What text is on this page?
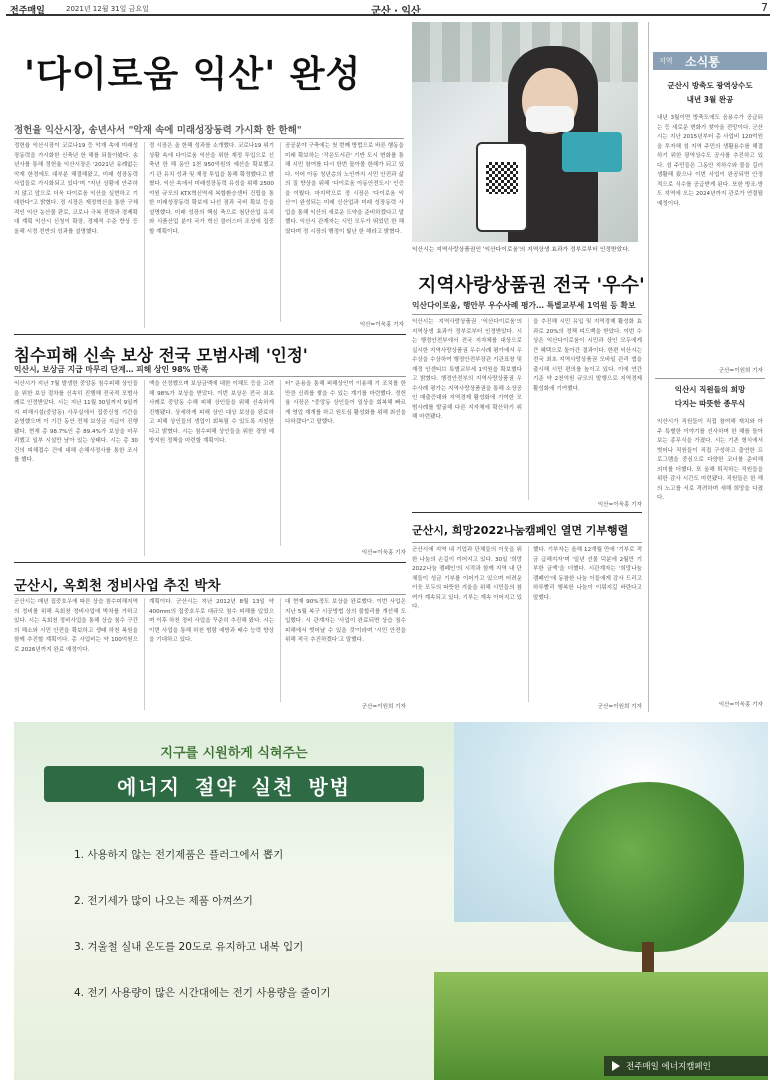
전주매일	2021년 12월 31일 금요일	군산 · 익산	7
'다이로움 익산' 완성
정헌율 익산시장, 송년사서 "악재 속에 미래성장동력 가시화 한 한해"
정헌율 익산시장이 코로나19 등 악재 속에 미래성장동력을 가시화한 신축년 한 해를 되돌아봤다. 송년사를 통해 정헌율 익산시장은 '2021년 유례없는 악재 한경에도 대부분 해결해왔고, 미래 성장동력 사업들로 가시화되고 있다'며 "지난 상황에 안주하지 않고 앞으로 더욱 다이로움 익산을 실현하고 기대한다"고 밝혔다. 정 시장은 재정혁신을 통한 구체적인 익산 농산물 판로, 코로나 극복 전략과 경제확대 계획 익산시 신청이 확장, 경제적 수준 향상 등 올해 시정 전반의 성과를 설명했다.
정 시장은 올 한해 성과를 소개했다. 코로나19 위기 상황 속에 다이로움 익산을 위한 재정 투입으로 신축년 한 해 동안 1천 950억원의 예산을 확보했고 기 관 유치 성과 및 재정 투입을 통해 확정했다고 밝혔다. 익산 속에서 미래성장동력 유성을 위해 2500억원 규모의 KTX혁신역세 복합환승센터 건립을 통한 미래성장동력 확보에 나선 점과 국비 확보 등을 설명했다. 미래 성장의 핵심 축으로 첨단산업 유치와 식품산업 분야 국가 혁신 클러스터 조성에 집중할 계획이다.
공공분야 구축에는 첫 번째 방법으로 바른 행동을 미래 확보하는 '작은도서관' 기반 도시 변화를 통해 시민 참여를 다시 한번 돌아볼 한해가 되고 있다. 이어 아동 청년층의 노인까지 시민 안전과 삶의 질 향상을 위해 '다이로움 아동안전도시' 인증을 이뤘다. 마지막으로 정 시장은 '다이로움 익산'이 완성되는 미래 신산업과 미래 성장동력 사업을 통해 익산의 새로운 도약을 준비하겠다고 말했다. 익산시 관계자는 시민 모두가 뛰었던 한 해였다며 정 시장의 행정이 빛난 한 해라고 밝혔다.
익산=이욱홍 기자
익산시는 지역사랑상품권인 '익산다이로움'의 지역상생 효과가 정부로부터 인정받았다.
지역사랑상품권 전국 '우수'
익산다이로움, 행안부 우수사례 평가… 특별교부세 1억원 등 확보
익산시는 지역사랑상품권 '익산다이로움'의 지역상생 효과가 정부로부터 인정받았다. 시는 행정안전부에서 전국 지자체를 대상으로 실시한 지역사랑상품권 우수사례 평가에서 우수상을 수상하여 행정안전부장관 기관표창 및 재정 인센티브 특별교부세 1억원을 확보했다고 밝혔다. 행정안전부의 지역사랑상품권 우수사례 평가는 지역사랑상품권을 통해 소상공인 매출증대와 지역경제 활성화에 기여한 모범사례를 발굴해 다른 지자체에 확산하기 위해 마련됐다.
을 추진해 시민 유입 및 지역경제 활성화 효과로 20%의 정책 피드백을 받았다. 이번 수상은 익산다이로움이 시민과 상인 모두에게 큰 혜택으로 돌아간 결과이다. 한편 익산시는 전국 최초 지역사랑상품권 모바일 관리 앱을 출시해 시민 편의를 높이고 있다. 이에 연간 기준 약 2천억원 규모의 발행으로 지역경제 활성화에 기여했다.
익산=이욱홍 기자
침수피해 신속 보상 전국 모범사례 '인정'
익산시, 보상금 지급 마무리 단계… 피해 상인 98% 만족
익산시가 지난 7월 발생한 중앙동 침수피해 상인들을 위한 보상 절차를 신속히 진행해 전국적 모범사례로 인정받았다. 시는 지난 11월 30일까지 9일까지 피해시설(중앙동) 사무실에서 집중신청 기간을 운영했으며 이 기간 동안 전체 보상금 지급이 진행됐다. 현재 총 98.7%인 총 89.4%가 보상을 마무리했고 일부 시설만 남아 있는 상태다. 시는 총 30건의 피해접수 건에 대해 손해사정사를 통한 조사를 했다.
액을 산정했으며 보상금액에 대한 이해도 등을 고려해 98%가 보상을 받았다. 이번 보상은 전국 최초 사례로 중앙동 수해 피해 상인들을 위해 신속하게 진행됐다. 상세하게 피해 상인 대상 보상을 완료하고 피해 상인들의 생업이 회복될 수 있도록 지원한다고 밝혔다. 시는 침수피해 상인들을 위한 경영 예방지원 정책을 마련할 계획이다.
터" 운용을 통해 피해상인이 이용해 기 조치를 한 만큼 신뢰를 쌓을 수 있는 계기를 마련했다. 정헌율 시장은 "중앙동 상인들이 일상을 회복해 빠르게 영업 재개를 하고 원도심 활성화를 위해 최선을 다하겠다"고 말했다.
익산=이욱홍 기자
군산시, 옥회천 정비사업 추진 박차
군산시는 매년 집중호우에 따른 상습 침수피해지역의 정비를 위해 옥회천 정비사업에 박차를 가하고 있다. 시는 옥회천 정비사업을 통해 상습 침수 구간의 해소와 시민 안전을 확보하고 생태 하천 복원을 함께 추진할 계획이다. 총 사업비는 약 100억원으로 2026년까지 완료 예정이다.
계획이다. 군산시는 지난 2012년 8월 13일 약 400mm의 집중호우로 대규모 침수 피해를 입었으며 이후 하천 정비 사업을 꾸준히 추진해 왔다. 시는 이번 사업을 통해 하천 범람 예방과 배수 능력 향상을 기대하고 있다.
대 현재 90%정도 보상을 완료했다. 이번 사업은 지난 5월 복구 시공방법 상의 불합리를 개선해 도입했다. 시 관계자는 '사업이 완료되면 상습 침수 피해에서 벗어날 수 있을 것'이라며 '시민 안전을 위해 적극 추진하겠다'고 말했다.
군산=이원희 기자
군산시, 희망2022나눔캠페인 열면 기부행렬
군산시에 지역 내 기업과 단체들의 이웃을 위한 나눔의 손길이 이어지고 있다. 30일 '희망2022나눔 캠페인'의 시작과 함께 지역 내 단체들이 성금 기부를 이어가고 있으며 어려운 이웃 모두의 따뜻한 겨울을 위해 시민들의 참여가 계속되고 있다. 기부는 계속 이어지고 있다.
했다. 기부자는 올해 12개월 만에 '기부로 적금 급해지자'며 '일년 선물 덕분에 2월만 기부한 금액'을 더했다. 시관계자는 '희망나눔캠페인'에 동참한 나눔 이들에게 감사 드리고 하루빨리 행복한 나눔이 이뤄지길 바란다고 말했다.
군산=이원희 기자
지역 소식통
군산시 방축도 광역상수도
내년 3월 완공
내년 3월이면 방축도에도 음용수가 공급되는 등 새로운 변화가 찾아올 전망이다. 군산시는 지난 2015년부터 총 사업비 120억원을 투자해 섬 지역 주민의 생활용수를 해결하기 위한 광역상수도 공사를 추진하고 있다. 섬 주민들은 그동안 지하수와 물을 길러 생활해 왔으나 이번 사업이 완공되면 안정적으로 식수를 공급받게 된다. 또한 방조·방도 지역에 오는 2024년까지 관로가 연결될 예정이다.
군산=이원희 기자
익산시 직원들의 희망
다지는 따뜻한 종무식
익산시가 직원들이 직접 참여해 재치와 아주 특별한 이야기를 선사하며 한 해를 돌아보는 종무식을 가졌다. 시는 기존 형식에서 벗어나 직원들이 직접 구성하고 출연한 프로그램을 중심으로 다양한 코너를 준비해 의미를 더했다. 또 올해 퇴직하는 직원들을 위한 감사 시간도 마련됐다. 직원들은 한 해의 노고를 서로 격려하며 새해 희망을 다졌다.
익산=이욱홍 기자
지구를 시원하게 식혀주는
에너지 절약 실천 방법
1. 사용하지 않는 전기제품은 플러그에서 뽑기
2. 전기세가 많이 나오는 제품 아껴쓰기
3. 겨울철 실내 온도를 20도로 유지하고 내복 입기
4. 전기 사용량이 많은 시간대에는 전기 사용량을 줄이기
전주매일 에너지캠페인
